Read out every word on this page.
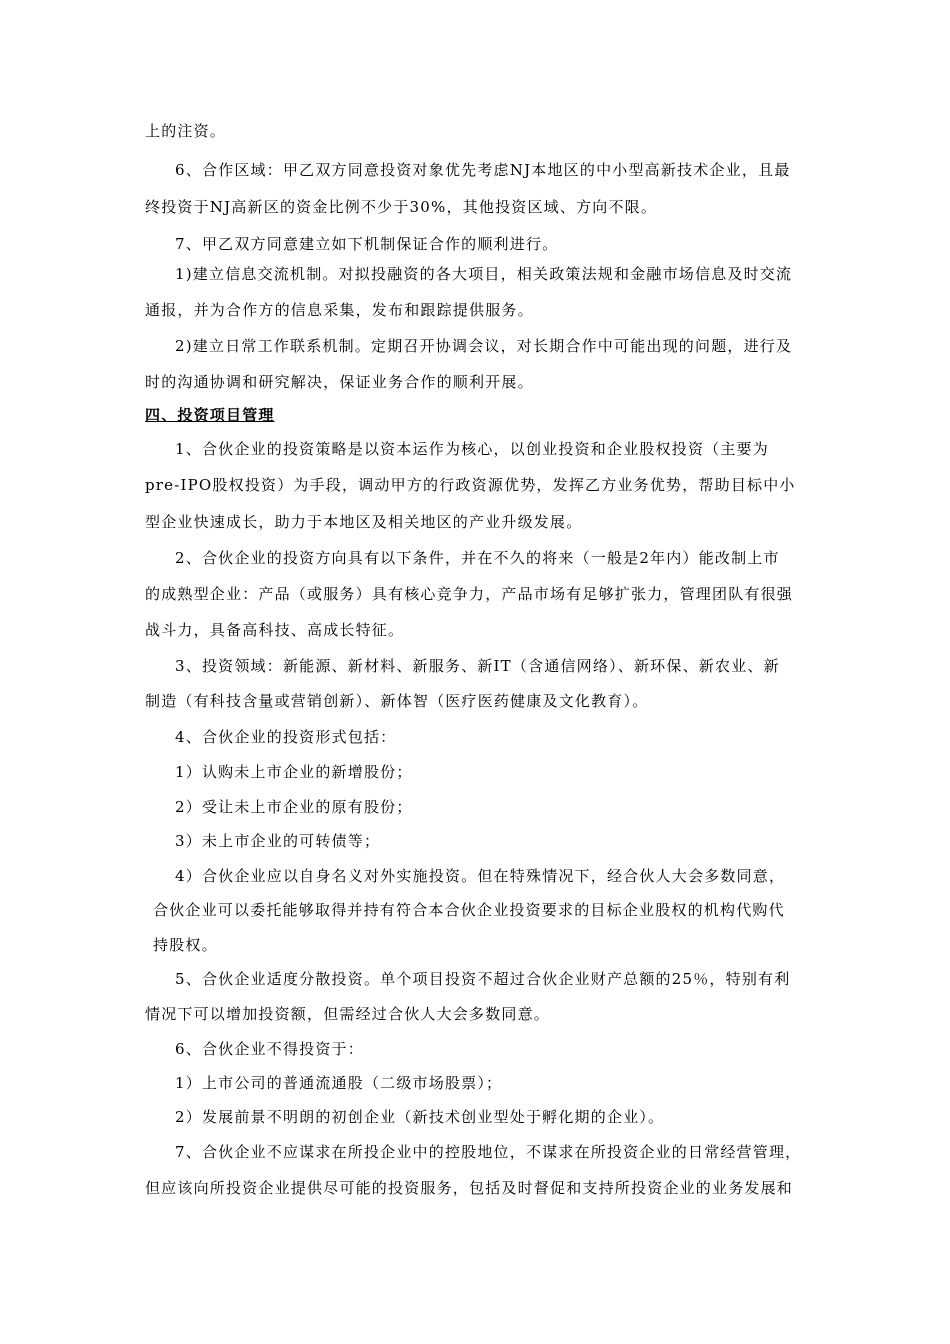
上的注资。
6、合作区域：甲乙双方同意投资对象优先考虑NJ本地区的中小型高新技术企业，且最
终投资于NJ高新区的资金比例不少于30%，其他投资区域、方向不限。
7、甲乙双方同意建立如下机制保证合作的顺利进行。
1)建立信息交流机制。对拟投融资的各大项目，相关政策法规和金融市场信息及时交流
通报，并为合作方的信息采集，发布和跟踪提供服务。
2)建立日常工作联系机制。定期召开协调会议，对长期合作中可能出现的问题，进行及
时的沟通协调和研究解决，保证业务合作的顺利开展。
四、投资项目管理
1、合伙企业的投资策略是以资本运作为核心，以创业投资和企业股权投资（主要为
pre-IPO股权投资）为手段，调动甲方的行政资源优势，发挥乙方业务优势，帮助目标中小
型企业快速成长，助力于本地区及相关地区的产业升级发展。
2、合伙企业的投资方向具有以下条件，并在不久的将来（一般是2年内）能改制上市
的成熟型企业：产品（或服务）具有核心竞争力，产品市场有足够扩张力，管理团队有很强
战斗力，具备高科技、高成长特征。
3、投资领域：新能源、新材料、新服务、新IT（含通信网络）、新环保、新农业、新
制造（有科技含量或营销创新）、新体智（医疗医药健康及文化教育）。
4、合伙企业的投资形式包括：
1）认购未上市企业的新增股份；
2）受让未上市企业的原有股份；
3）未上市企业的可转债等；
4）合伙企业应以自身名义对外实施投资。但在特殊情况下，经合伙人大会多数同意，
合伙企业可以委托能够取得并持有符合本合伙企业投资要求的目标企业股权的机构代购代
持股权。
5、合伙企业适度分散投资。单个项目投资不超过合伙企业财产总额的25％，特别有利
情况下可以增加投资额，但需经过合伙人大会多数同意。
6、合伙企业不得投资于：
1）上市公司的普通流通股（二级市场股票）；
2）发展前景不明朗的初创企业（新技术创业型处于孵化期的企业）。
7、合伙企业不应谋求在所投企业中的控股地位，不谋求在所投资企业的日常经营管理，
但应该向所投资企业提供尽可能的投资服务，包括及时督促和支持所投资企业的业务发展和
